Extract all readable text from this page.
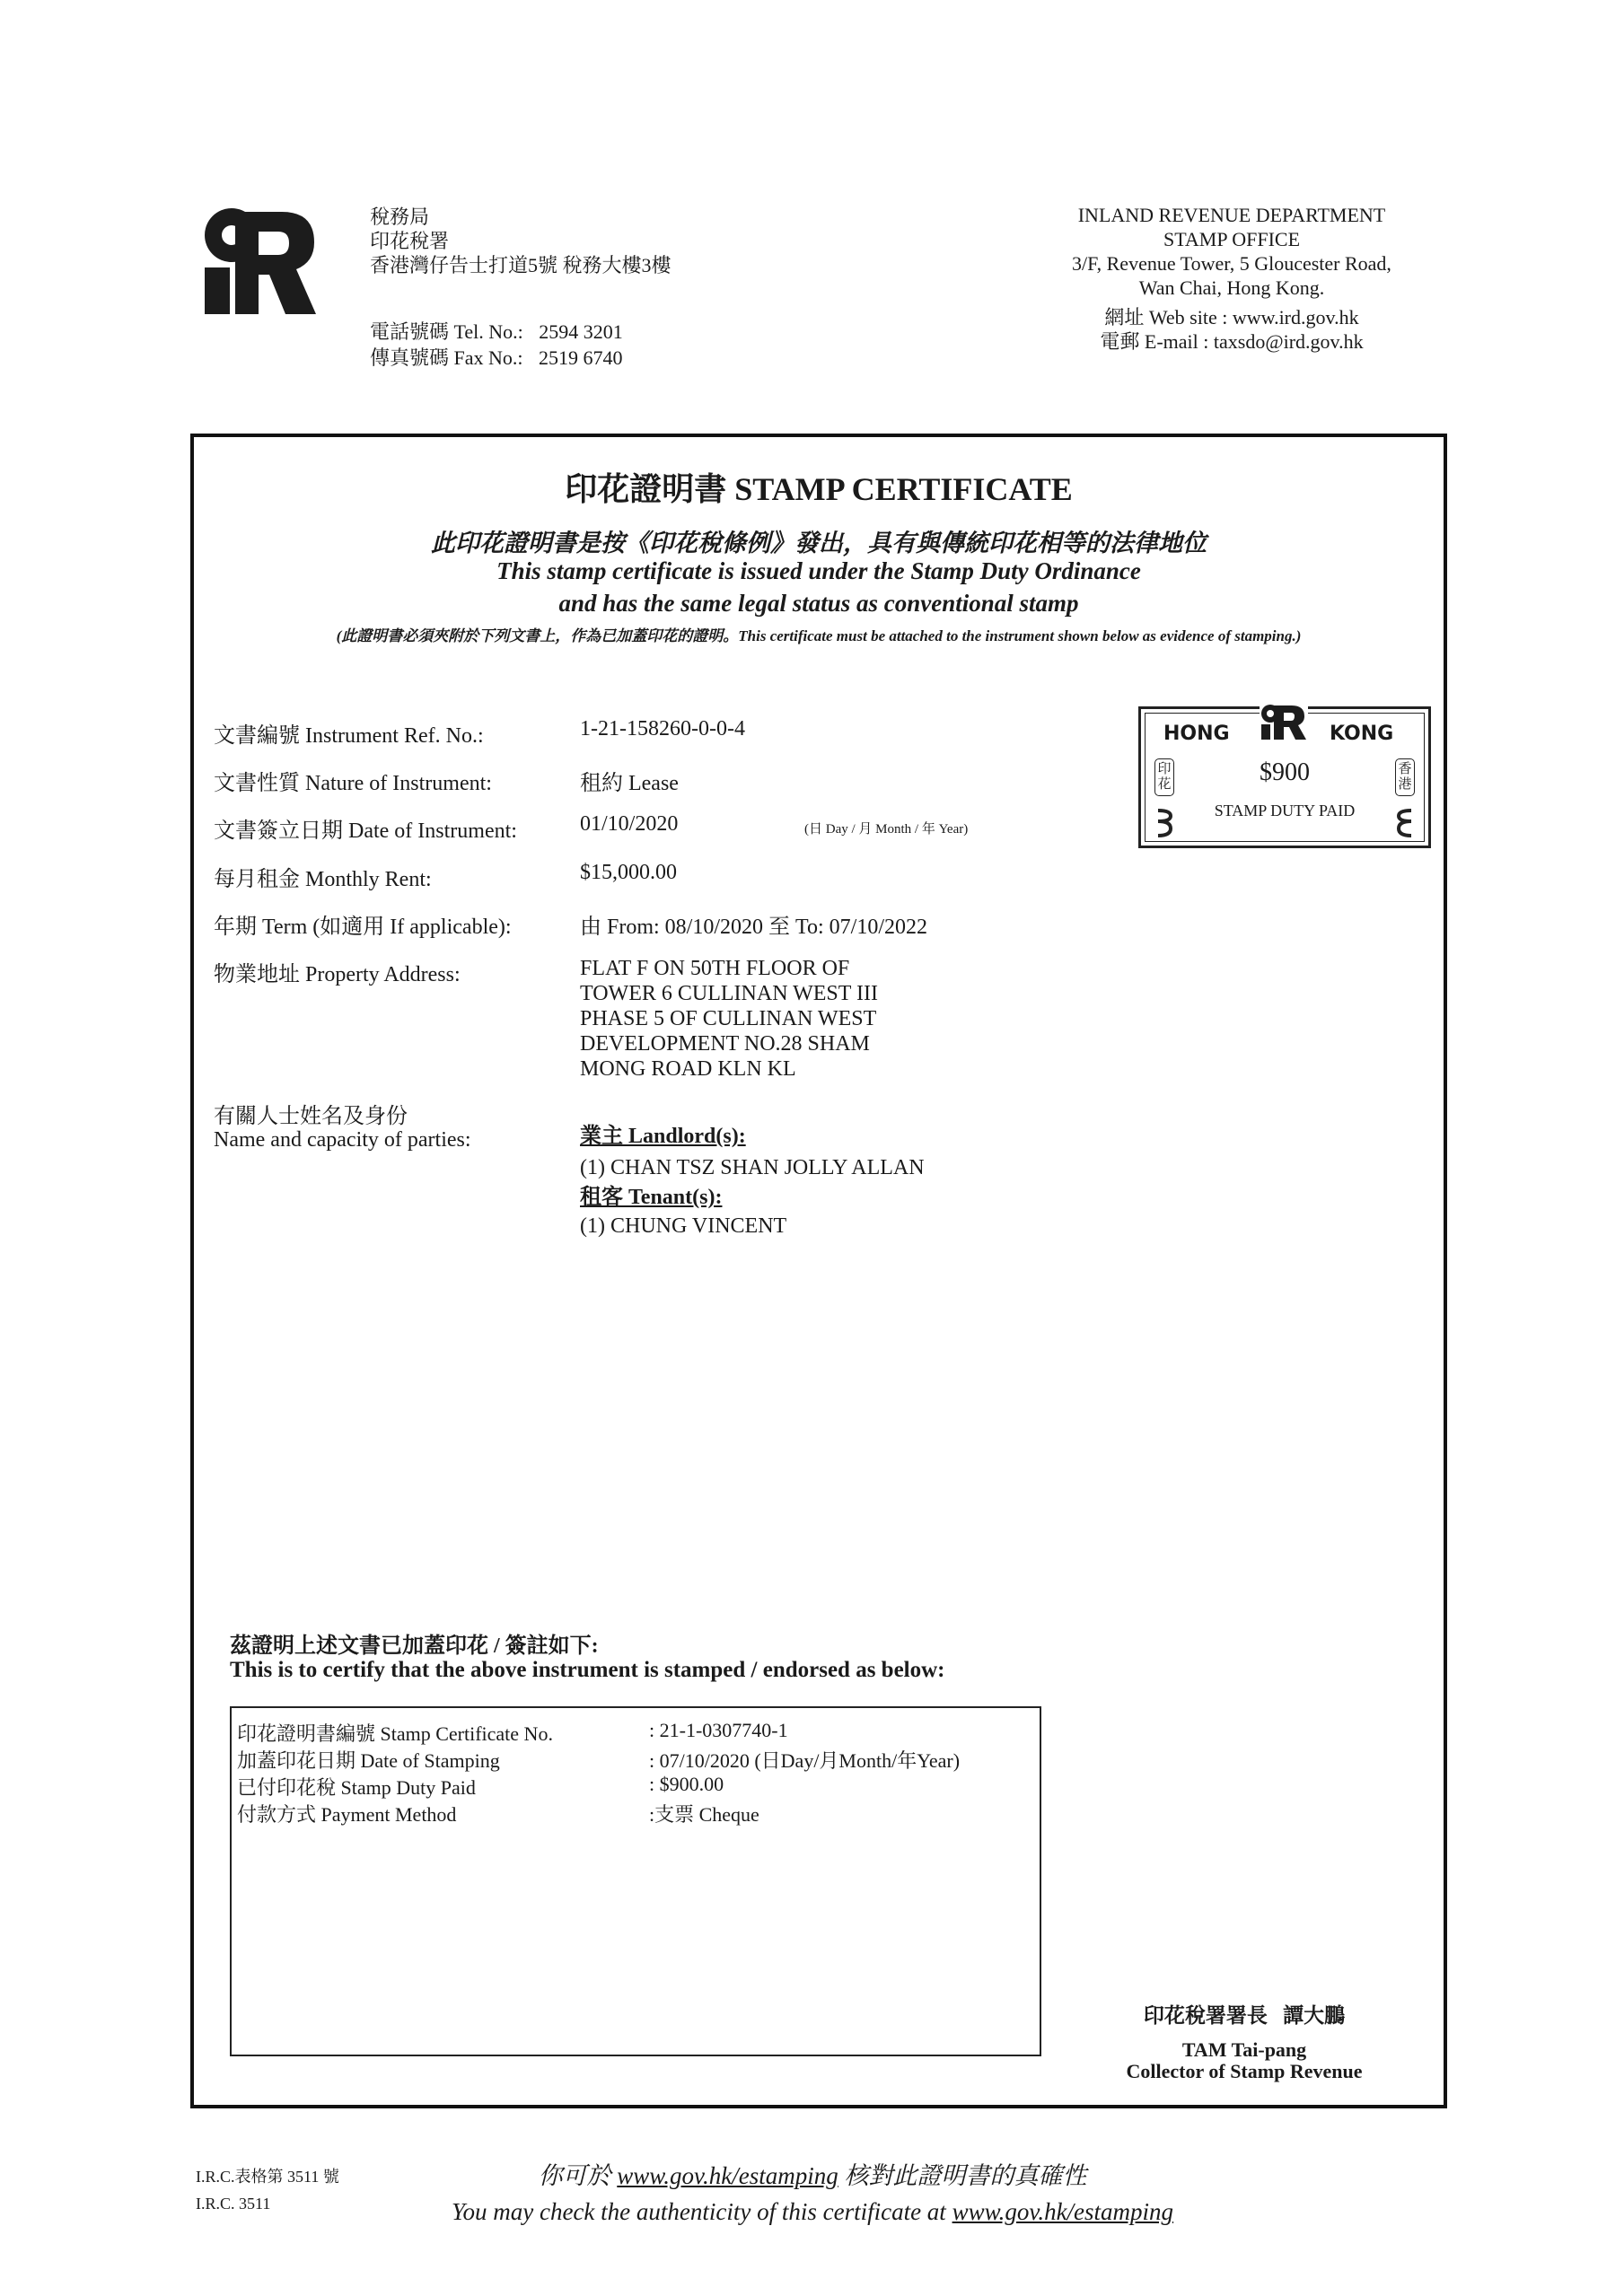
稅務局
印花稅署
香港灣仔告士打道5號 稅務大樓3樓
電話號碼 Tel. No.: 2594 3201
傳真號碼 Fax No.: 2519 6740
INLAND REVENUE DEPARTMENT
STAMP OFFICE
3/F, Revenue Tower, 5 Gloucester Road,
Wan Chai, Hong Kong.
網址 Web site : www.ird.gov.hk
電郵 E-mail : taxsdo@ird.gov.hk
印花證明書 STAMP CERTIFICATE
此印花證明書是按《印花稅條例》發出，具有與傳統印花相等的法律地位
This stamp certificate is issued under the Stamp Duty Ordinance
and has the same legal status as conventional stamp
(此證明書必須夾附於下列文書上，作為已加蓋印花的證明。This certificate must be attached to the instrument shown below as evidence of stamping.)
文書編號 Instrument Ref. No.:	1-21-158260-0-0-4
文書性質 Nature of Instrument:	租約 Lease
文書簽立日期 Date of Instrument:	01/10/2020	(日 Day / 月 Month / 年 Year)
每月租金 Monthly Rent:	$15,000.00
年期 Term (如適用 If applicable):	由 From: 08/10/2020 至 To: 07/10/2022
物業地址 Property Address:	FLAT F ON 50TH FLOOR OF
TOWER 6 CULLINAN WEST III
PHASE 5 OF CULLINAN WEST
DEVELOPMENT NO.28 SHAM
MONG ROAD KLN KL
有關人士姓名及身份
Name and capacity of parties:	業主 Landlord(s):
(1) CHAN TSZ SHAN JOLLY ALLAN
租客 Tenant(s):
(1) CHUNG VINCENT
HONG	KONG
$900
STAMP DUTY PAID
印花
香港
茲證明上述文書已加蓋印花 / 簽註如下:
This is to certify that the above instrument is stamped / endorsed as below:
印花證明書編號 Stamp Certificate No.	: 21-1-0307740-1
加蓋印花日期 Date of Stamping	: 07/10/2020 (日Day/月Month/年Year)
已付印花稅 Stamp Duty Paid	: $900.00
付款方式 Payment Method	:支票 Cheque
印花稅署署長   譚大鵬
TAM Tai-pang
Collector of Stamp Revenue
I.R.C.表格第 3511 號
I.R.C. 3511
你可於 www.gov.hk/estamping 核對此證明書的真確性
You may check the authenticity of this certificate at www.gov.hk/estamping
